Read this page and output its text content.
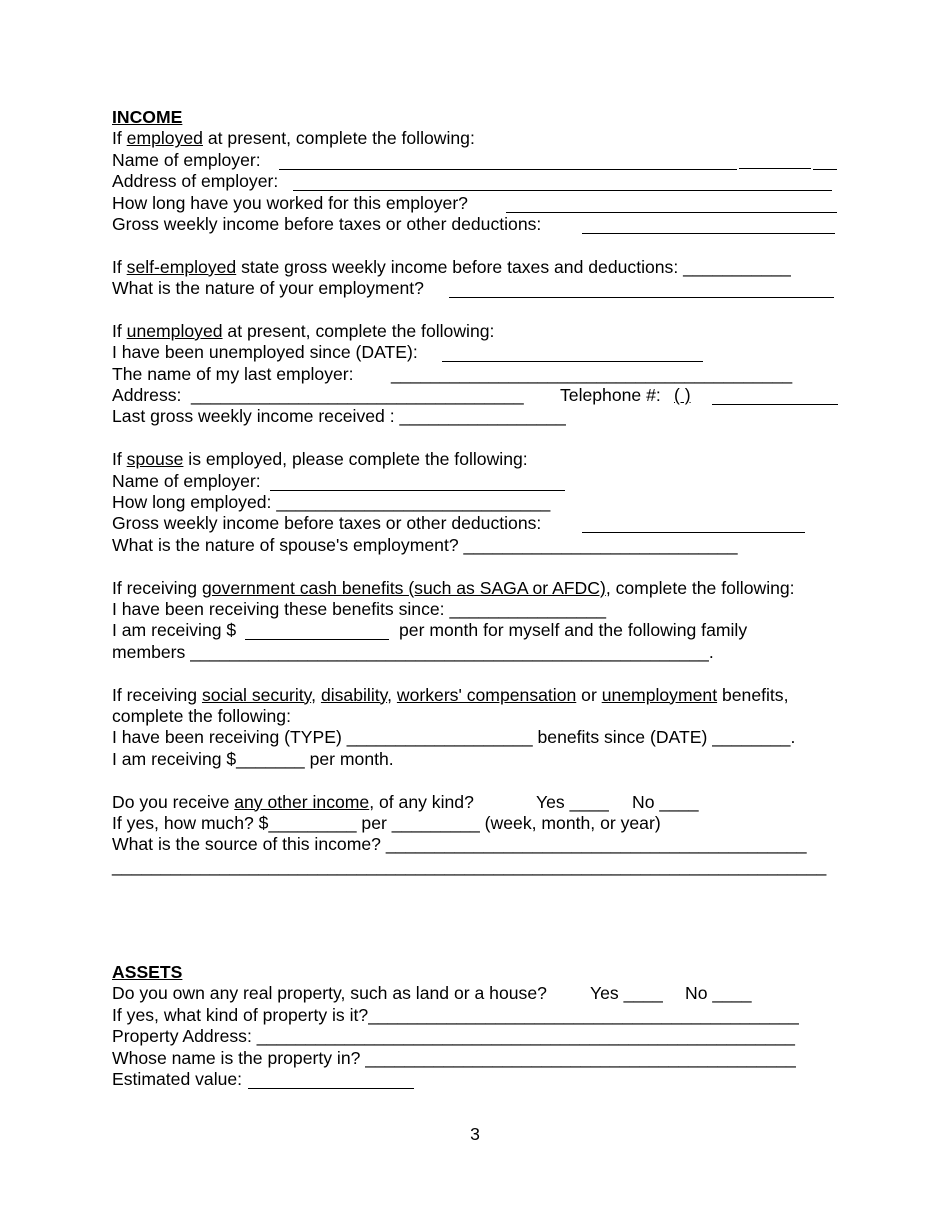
INCOME
If employed at present, complete the following:
Name of employer:
Address of employer:
How long have you worked for this employer?
Gross weekly income before taxes or other deductions:
If self-employed state gross weekly income before taxes and deductions: ___________
What is the nature of your employment?
If unemployed at present, complete the following:
I have been unemployed since (DATE):
The name of my last employer: _________________________________________
Address: __________________________________ Telephone #: ( )
Last gross weekly income received : _________________
If spouse is employed, please complete the following:
Name of employer:
How long employed: ____________________________
Gross weekly income before taxes or other deductions:
What is the nature of spouse's employment? ____________________________
If receiving government cash benefits (such as SAGA or AFDC), complete the following:
I have been receiving these benefits since: ________________
I am receiving $	per month for myself and the following family
members _____________________________________________________.
If receiving social security, disability, workers' compensation or unemployment benefits,
complete the following:
I have been receiving (TYPE) ___________________ benefits since (DATE) ________.
I am receiving $_______ per month.
Do you receive any other income, of any kind?	Yes ____ No ____
If yes, how much? $_________ per _________ (week, month, or year)
What is the source of this income? ___________________________________________
_________________________________________________________________________
ASSETS
Do you own any real property, such as land or a house? Yes ____ No ____
If yes, what kind of property is it?____________________________________________
Property Address: _______________________________________________________
Whose name is the property in? ____________________________________________
Estimated value:
3
